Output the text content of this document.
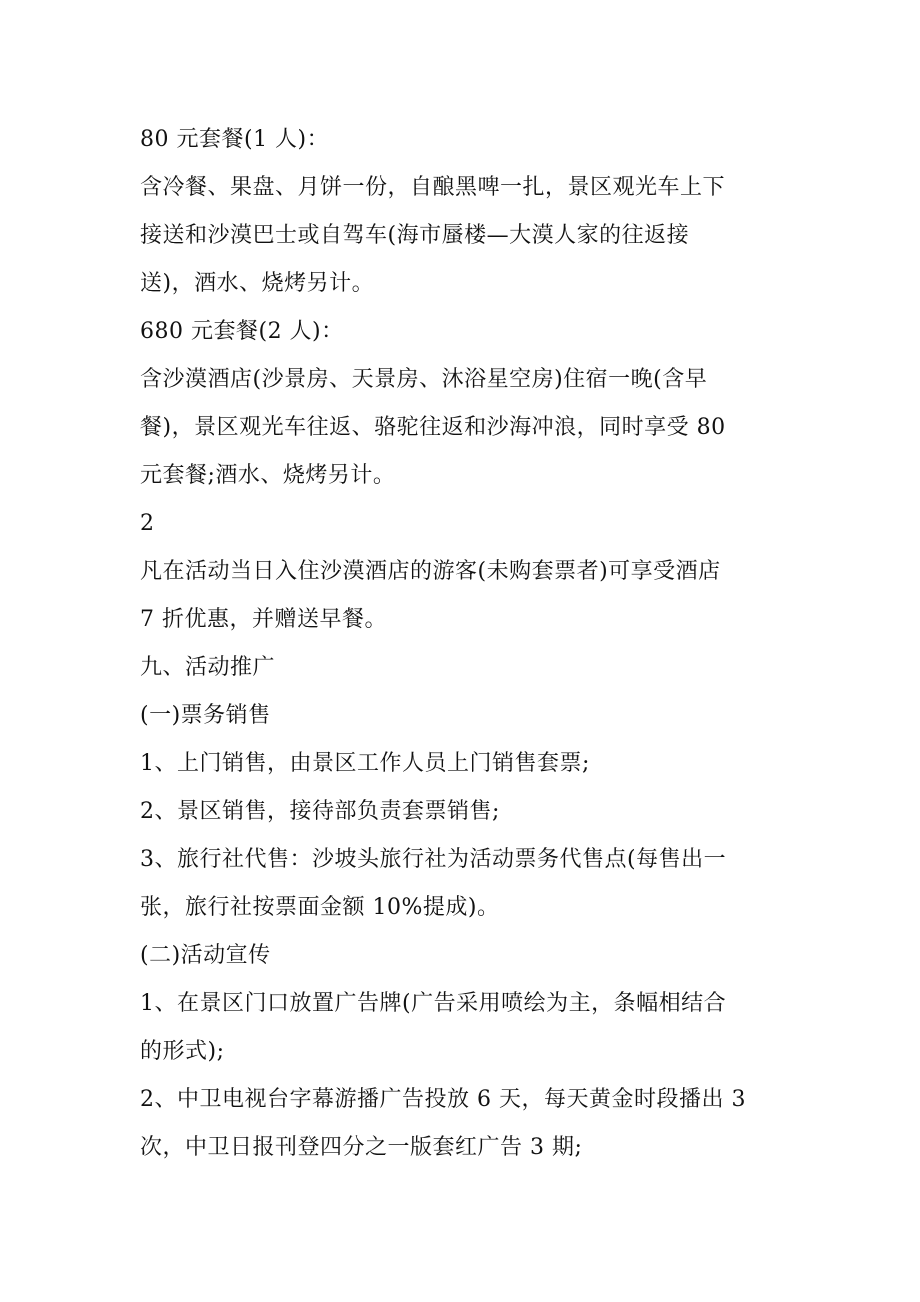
80 元套餐(1 人)：
含冷餐、果盘、月饼一份，自酿黑啤一扎，景区观光车上下
接送和沙漠巴士或自驾车(海市蜃楼—大漠人家的往返接
送)，酒水、烧烤另计。
680 元套餐(2 人)：
含沙漠酒店(沙景房、天景房、沐浴星空房)住宿一晚(含早
餐)，景区观光车往返、骆驼往返和沙海冲浪，同时享受 80
元套餐;酒水、烧烤另计。
2
凡在活动当日入住沙漠酒店的游客(未购套票者)可享受酒店
7 折优惠，并赠送早餐。
九、活动推广
(一)票务销售
1、上门销售，由景区工作人员上门销售套票;
2、景区销售，接待部负责套票销售;
3、旅行社代售：沙坡头旅行社为活动票务代售点(每售出一
张，旅行社按票面金额 10%提成)。
(二)活动宣传
1、在景区门口放置广告牌(广告采用喷绘为主，条幅相结合
的形式);
2、中卫电视台字幕游播广告投放 6 天，每天黄金时段播出 3
次，中卫日报刊登四分之一版套红广告 3 期;
